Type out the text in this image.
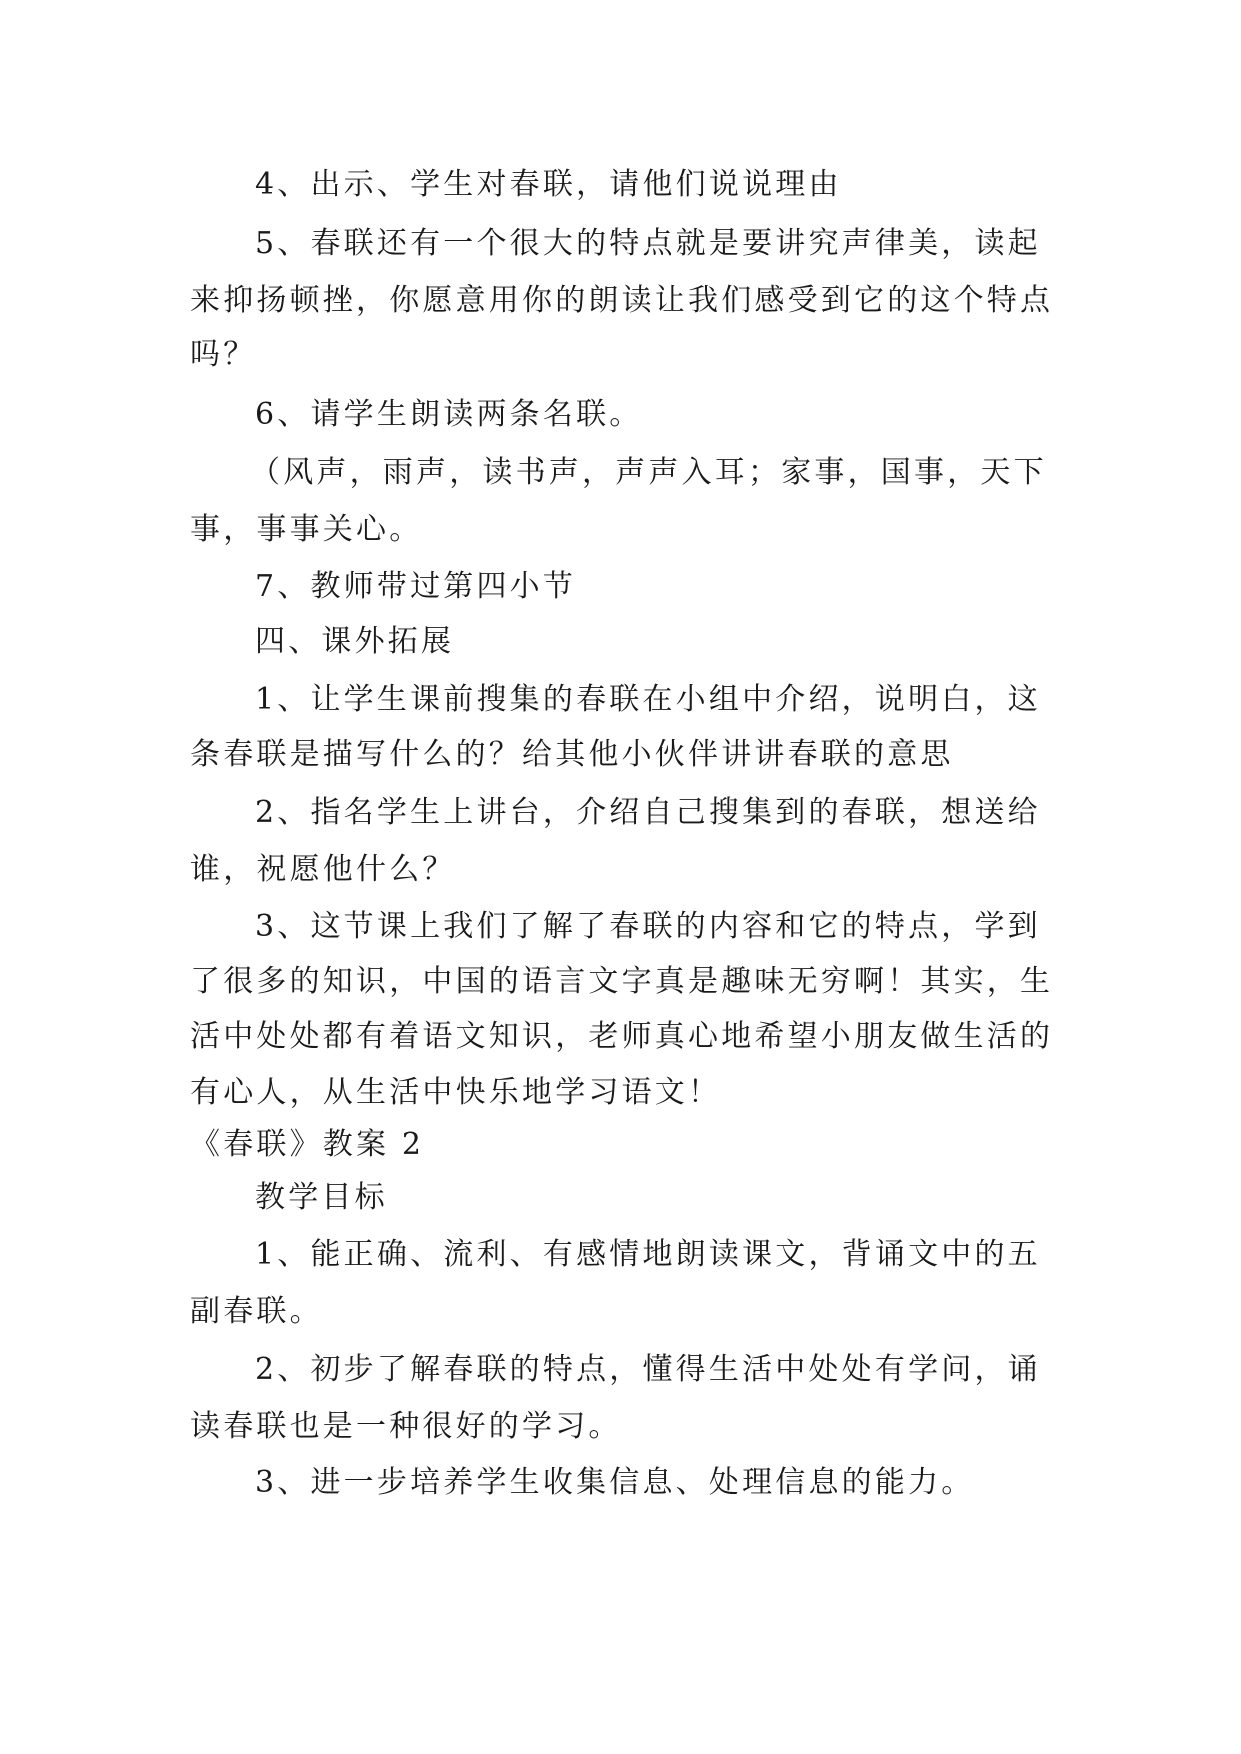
4、出示、学生对春联，请他们说说理由
5、春联还有一个很大的特点就是要讲究声律美，读起
来抑扬顿挫，你愿意用你的朗读让我们感受到它的这个特点
吗？
6、请学生朗读两条名联。
（风声，雨声，读书声，声声入耳；家事，国事，天下
事，事事关心。
7、教师带过第四小节
四、课外拓展
1、让学生课前搜集的春联在小组中介绍，说明白，这
条春联是描写什么的？给其他小伙伴讲讲春联的意思
2、指名学生上讲台，介绍自己搜集到的春联，想送给
谁，祝愿他什么？
3、这节课上我们了解了春联的内容和它的特点，学到
了很多的知识，中国的语言文字真是趣味无穷啊！其实，生
活中处处都有着语文知识，老师真心地希望小朋友做生活的
有心人，从生活中快乐地学习语文！
《春联》教案 2
教学目标
1、能正确、流利、有感情地朗读课文，背诵文中的五
副春联。
2、初步了解春联的特点，懂得生活中处处有学问，诵
读春联也是一种很好的学习。
3、进一步培养学生收集信息、处理信息的能力。
